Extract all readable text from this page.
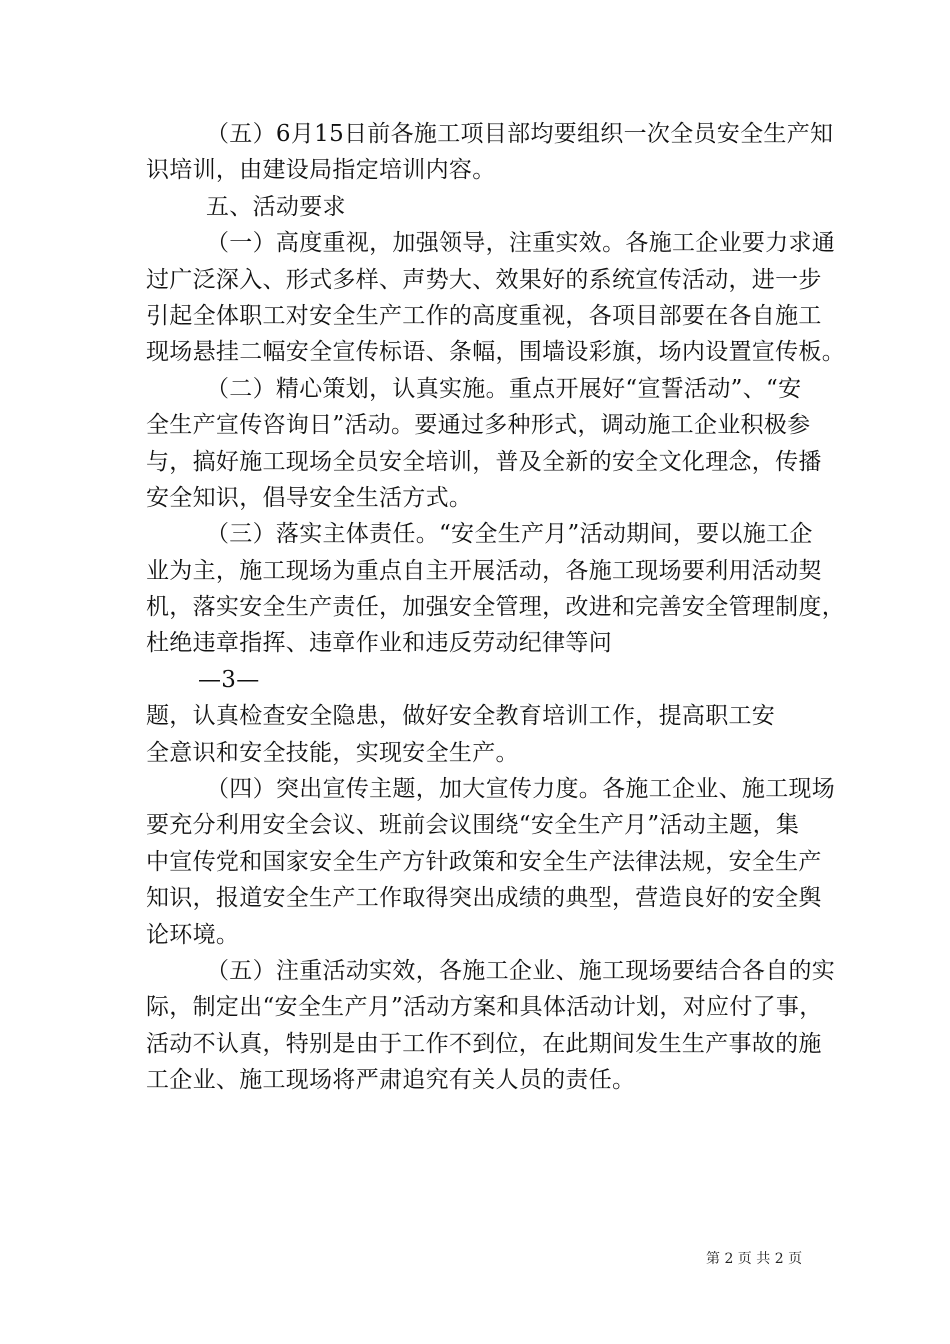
（五）6月15日前各施工项目部均要组织一次全员安全生产知
识培训，由建设局指定培训内容。
五、活动要求
（一）高度重视，加强领导，注重实效。各施工企业要力求通
过广泛深入、形式多样、声势大、效果好的系统宣传活动，进一步
引起全体职工对安全生产工作的高度重视，各项目部要在各自施工
现场悬挂二幅安全宣传标语、条幅，围墙设彩旗，场内设置宣传板。
（二）精心策划，认真实施。重点开展好“宣誓活动”、“安
全生产宣传咨询日”活动。要通过多种形式，调动施工企业积极参
与，搞好施工现场全员安全培训，普及全新的安全文化理念，传播
安全知识，倡导安全生活方式。
（三）落实主体责任。“安全生产月”活动期间，要以施工企
业为主，施工现场为重点自主开展活动，各施工现场要利用活动契
机，落实安全生产责任，加强安全管理，改进和完善安全管理制度，
杜绝违章指挥、违章作业和违反劳动纪律等问
—3—
题，认真检查安全隐患，做好安全教育培训工作，提高职工安
全意识和安全技能，实现安全生产。
（四）突出宣传主题，加大宣传力度。各施工企业、施工现场
要充分利用安全会议、班前会议围绕“安全生产月”活动主题，集
中宣传党和国家安全生产方针政策和安全生产法律法规，安全生产
知识，报道安全生产工作取得突出成绩的典型，营造良好的安全舆
论环境。
（五）注重活动实效，各施工企业、施工现场要结合各自的实
际，制定出“安全生产月”活动方案和具体活动计划，对应付了事，
活动不认真，特别是由于工作不到位，在此期间发生生产事故的施
工企业、施工现场将严肃追究有关人员的责任。
第 2 页 共 2 页
